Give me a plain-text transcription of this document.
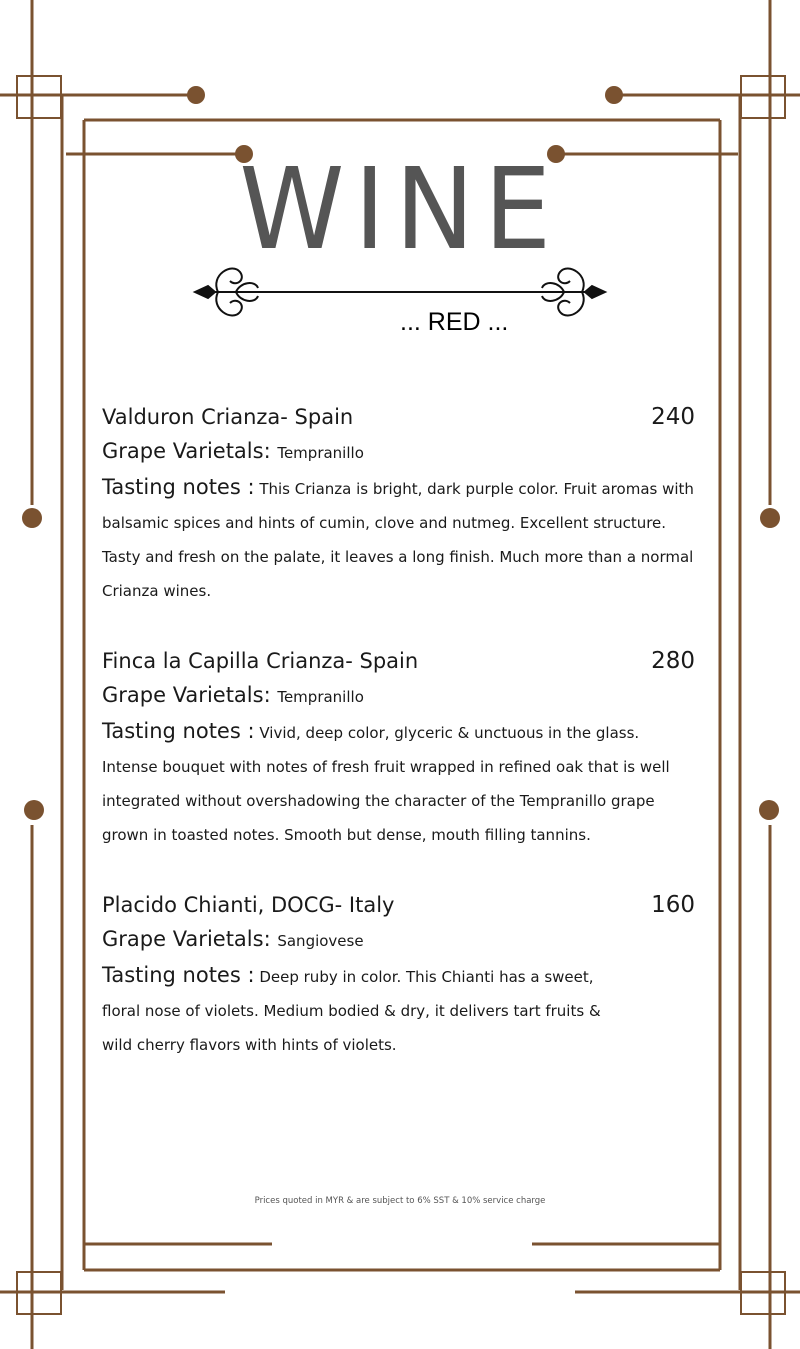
WINE
... RED ...
Valduron Crianza- Spain	240
Grape Varietals: Tempranillo
Tasting notes : This Crianza is bright, dark purple color. Fruit aromas with balsamic spices and hints of cumin, clove and nutmeg. Excellent structure. Tasty and fresh on the palate, it leaves a long finish. Much more than a normal Crianza wines.
Finca la Capilla Crianza- Spain	280
Grape Varietals: Tempranillo
Tasting notes : Vivid, deep color, glyceric & unctuous in the glass. Intense bouquet with notes of fresh fruit wrapped in refined oak that is well integrated without overshadowing the character of the Tempranillo grape grown in toasted notes. Smooth but dense, mouth filling tannins.
Placido Chianti, DOCG- Italy	160
Grape Varietals: Sangiovese
Tasting notes : Deep ruby in color. This Chianti has a sweet, floral nose of violets. Medium bodied & dry, it delivers tart fruits & wild cherry flavors with hints of violets.
Prices quoted in MYR & are subject to 6% SST & 10% service charge
